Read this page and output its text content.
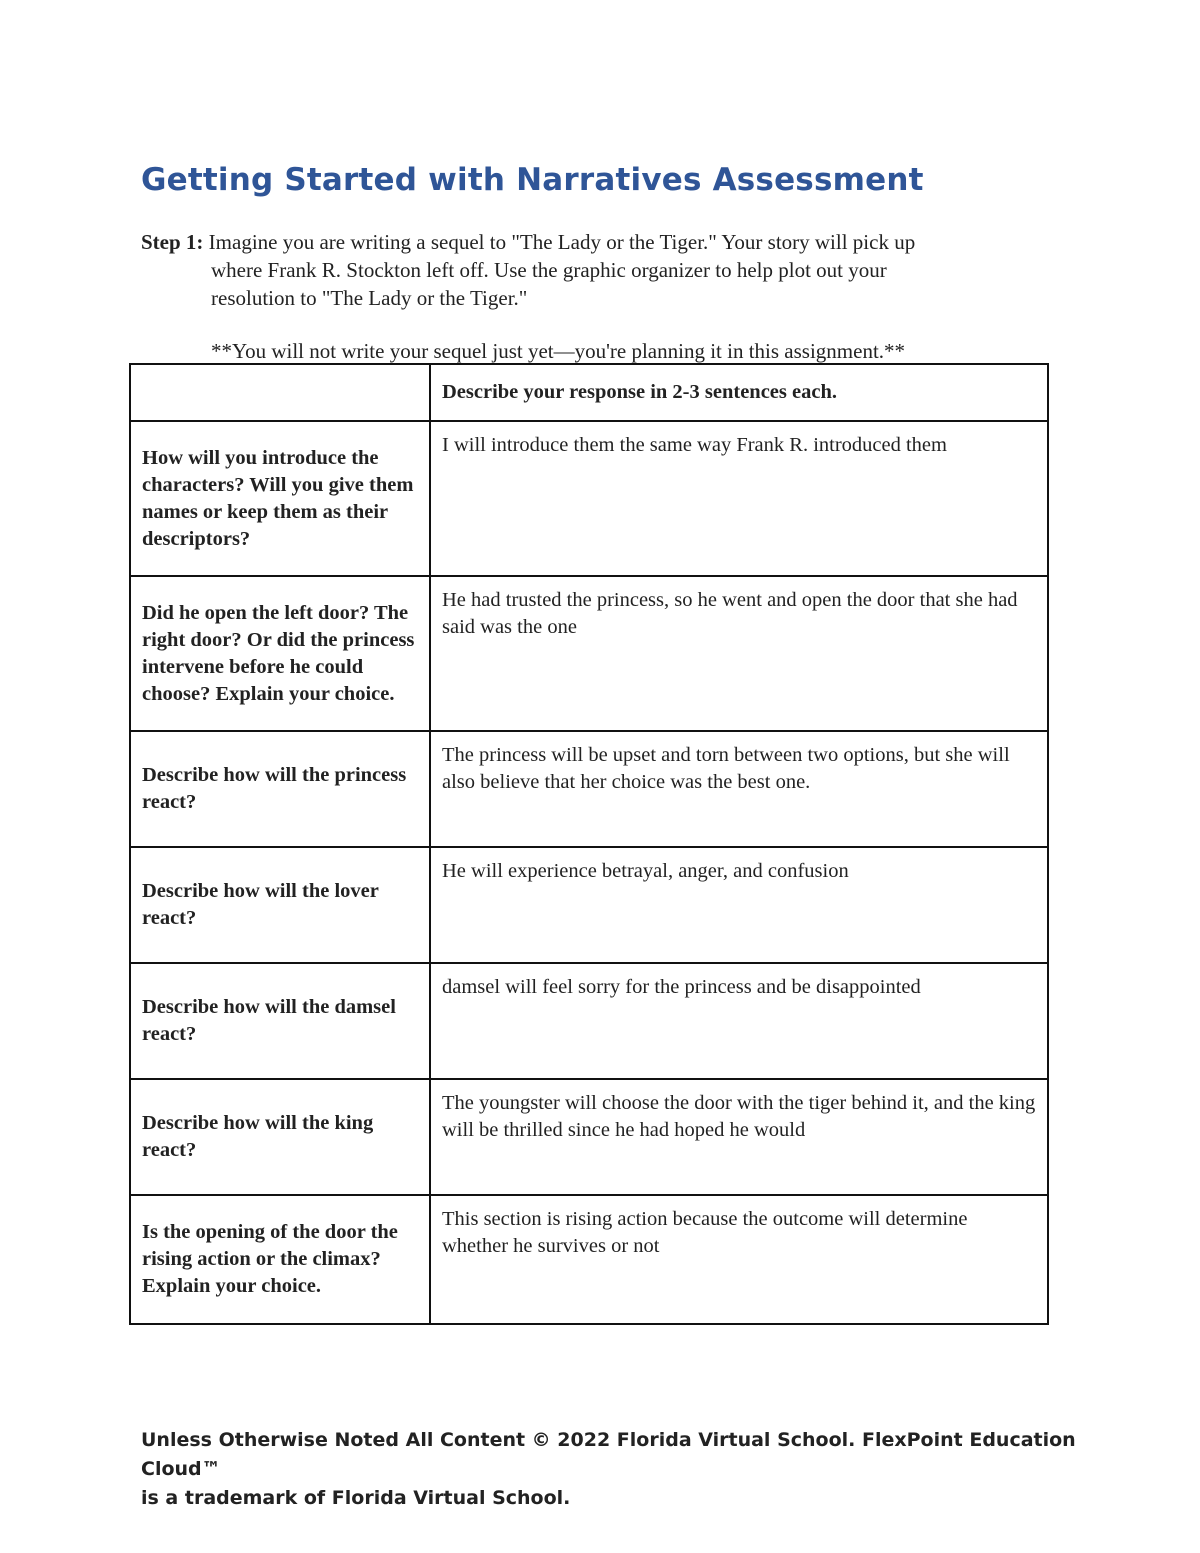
Getting Started with Narratives Assessment
Step 1: Imagine you are writing a sequel to "The Lady or the Tiger." Your story will pick up
where Frank R. Stockton left off. Use the graphic organizer to help plot out your
resolution to "The Lady or the Tiger."
**You will not write your sequel just yet—you're planning it in this assignment.**
	Describe your response in 2-3 sentences each.
How will you introduce the characters? Will you give them names or keep them as their descriptors?	I will introduce them the same way Frank R. introduced them
Did he open the left door? The right door? Or did the princess intervene before he could choose? Explain your choice.	He had trusted the princess, so he went and open the door that she had said was the one
Describe how will the princess react?	The princess will be upset and torn between two options, but she will also believe that her choice was the best one.
Describe how will the lover react?	He will experience betrayal, anger, and confusion
Describe how will the damsel react?	damsel will feel sorry for the princess and be disappointed
Describe how will the king react?	The youngster will choose the door with the tiger behind it, and the king will be thrilled since he had hoped he would
Is the opening of the door the rising action or the climax? Explain your choice.	This section is rising action because the outcome will determine whether he survives or not
Unless Otherwise Noted All Content © 2022 Florida Virtual School. FlexPoint Education Cloud™
is a trademark of Florida Virtual School.
